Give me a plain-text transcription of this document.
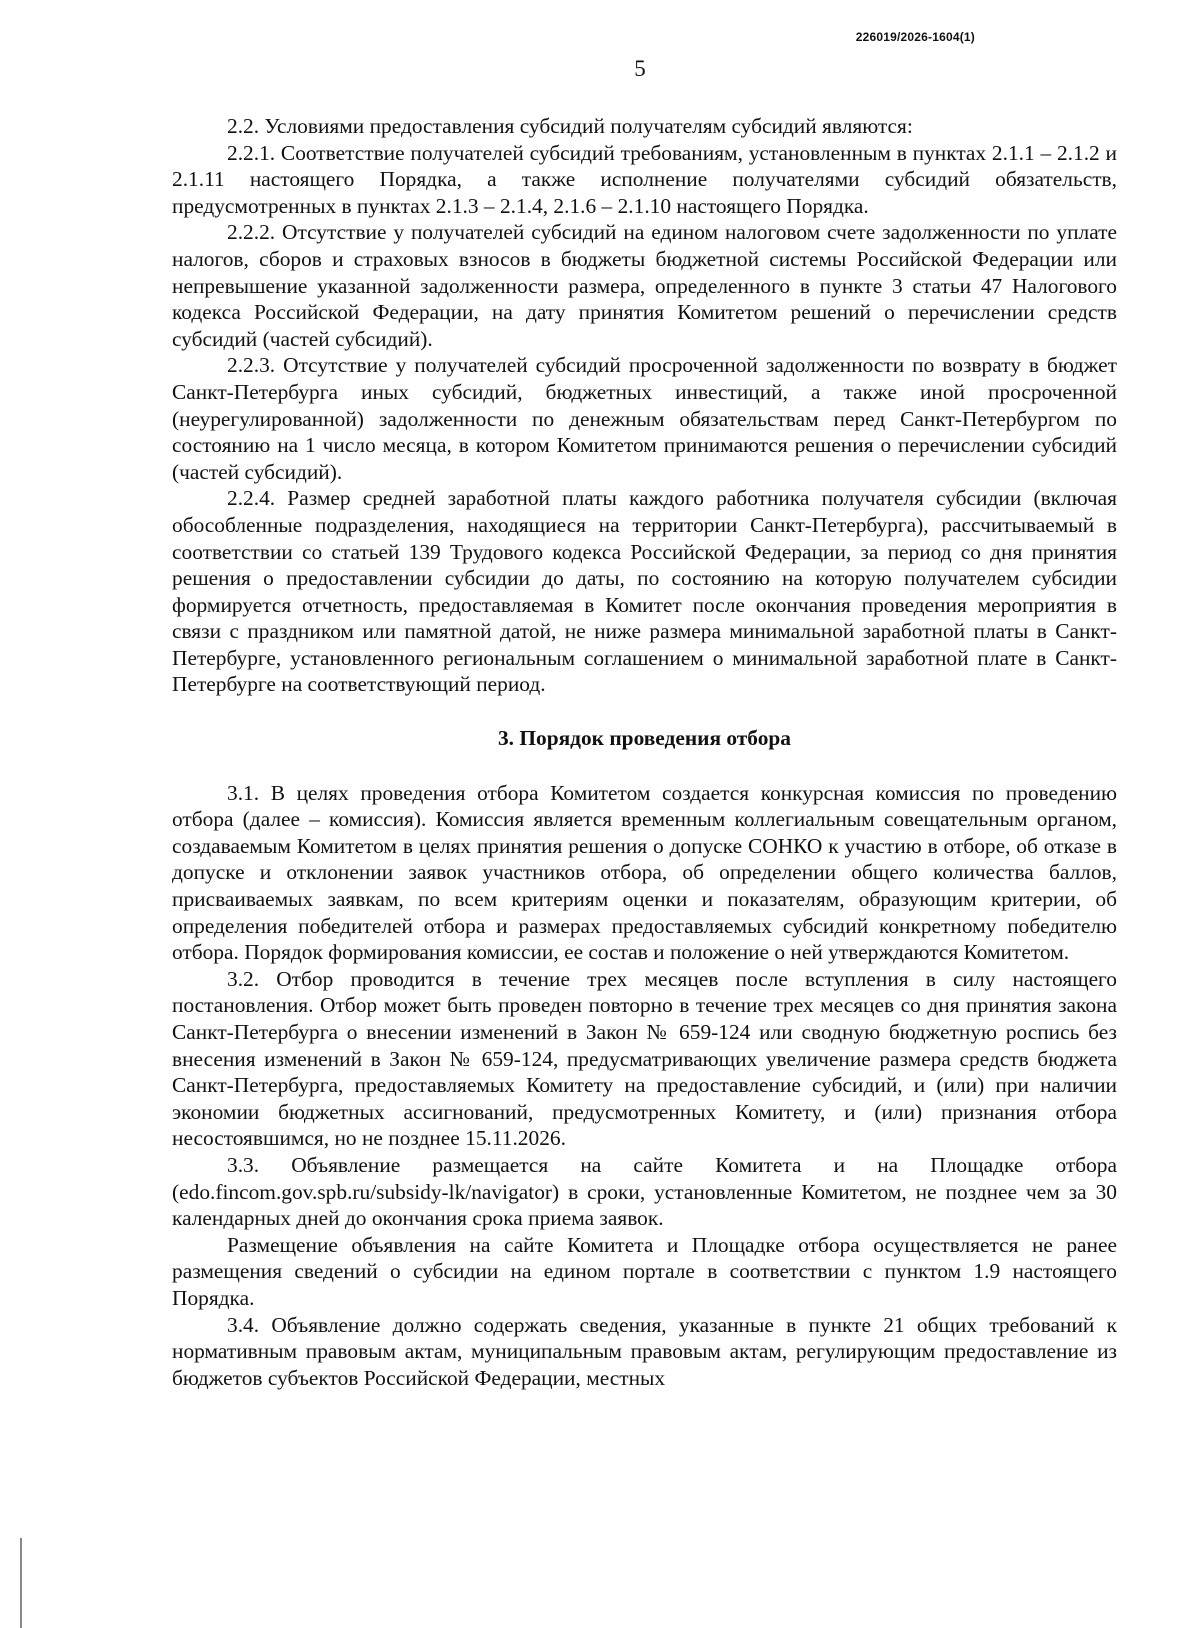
226019/2026-1604(1)
5

2.2. Условиями предоставления субсидий получателям субсидий являются:

2.2.1. Соответствие получателей субсидий требованиям, установленным в пунктах 2.1.1 – 2.1.2 и 2.1.11 настоящего Порядка, а также исполнение получателями субсидий обязательств, предусмотренных в пунктах 2.1.3 – 2.1.4, 2.1.6 – 2.1.10 настоящего Порядка.

2.2.2. Отсутствие у получателей субсидий на едином налоговом счете задолженности по уплате налогов, сборов и страховых взносов в бюджеты бюджетной системы Российской Федерации или непревышение указанной задолженности размера, определенного в пункте 3 статьи 47 Налогового кодекса Российской Федерации, на дату принятия Комитетом решений о перечислении средств субсидий (частей субсидий).

2.2.3. Отсутствие у получателей субсидий просроченной задолженности по возврату в бюджет Санкт-Петербурга иных субсидий, бюджетных инвестиций, а также иной просроченной (неурегулированной) задолженности по денежным обязательствам перед Санкт-Петербургом по состоянию на 1 число месяца, в котором Комитетом принимаются решения о перечислении субсидий (частей субсидий).

2.2.4. Размер средней заработной платы каждого работника получателя субсидии (включая обособленные подразделения, находящиеся на территории Санкт-Петербурга), рассчитываемый в соответствии со статьей 139 Трудового кодекса Российской Федерации, за период со дня принятия решения о предоставлении субсидии до даты, по состоянию на которую получателем субсидии формируется отчетность, предоставляемая в Комитет после окончания проведения мероприятия в связи с праздником или памятной датой, не ниже размера минимальной заработной платы в Санкт-Петербурге, установленного региональным соглашением о минимальной заработной плате в Санкт-Петербурге на соответствующий период.

3. Порядок проведения отбора

3.1. В целях проведения отбора Комитетом создается конкурсная комиссия по проведению отбора (далее – комиссия). Комиссия является временным коллегиальным совещательным органом, создаваемым Комитетом в целях принятия решения о допуске СОНКО к участию в отборе, об отказе в допуске и отклонении заявок участников отбора, об определении общего количества баллов, присваиваемых заявкам, по всем критериям оценки и показателям, образующим критерии, об определения победителей отбора и размерах предоставляемых субсидий конкретному победителю отбора. Порядок формирования комиссии, ее состав и положение о ней утверждаются Комитетом.

3.2. Отбор проводится в течение трех месяцев после вступления в силу настоящего постановления. Отбор может быть проведен повторно в течение трех месяцев со дня принятия закона Санкт-Петербурга о внесении изменений в Закон № 659-124 или сводную бюджетную роспись без внесения изменений в Закон № 659-124, предусматривающих увеличение размера средств бюджета Санкт-Петербурга, предоставляемых Комитету на предоставление субсидий, и (или) при наличии экономии бюджетных ассигнований, предусмотренных Комитету, и (или) признания отбора несостоявшимся, но не позднее 15.11.2026.

3.3. Объявление размещается на сайте Комитета и на Площадке отбора (edo.fincom.gov.spb.ru/subsidy-lk/navigator) в сроки, установленные Комитетом, не позднее чем за 30 календарных дней до окончания срока приема заявок.

Размещение объявления на сайте Комитета и Площадке отбора осуществляется не ранее размещения сведений о субсидии на едином портале в соответствии с пунктом 1.9 настоящего Порядка.

3.4. Объявление должно содержать сведения, указанные в пункте 21 общих требований к нормативным правовым актам, муниципальным правовым актам, регулирующим предоставление из бюджетов субъектов Российской Федерации, местных
